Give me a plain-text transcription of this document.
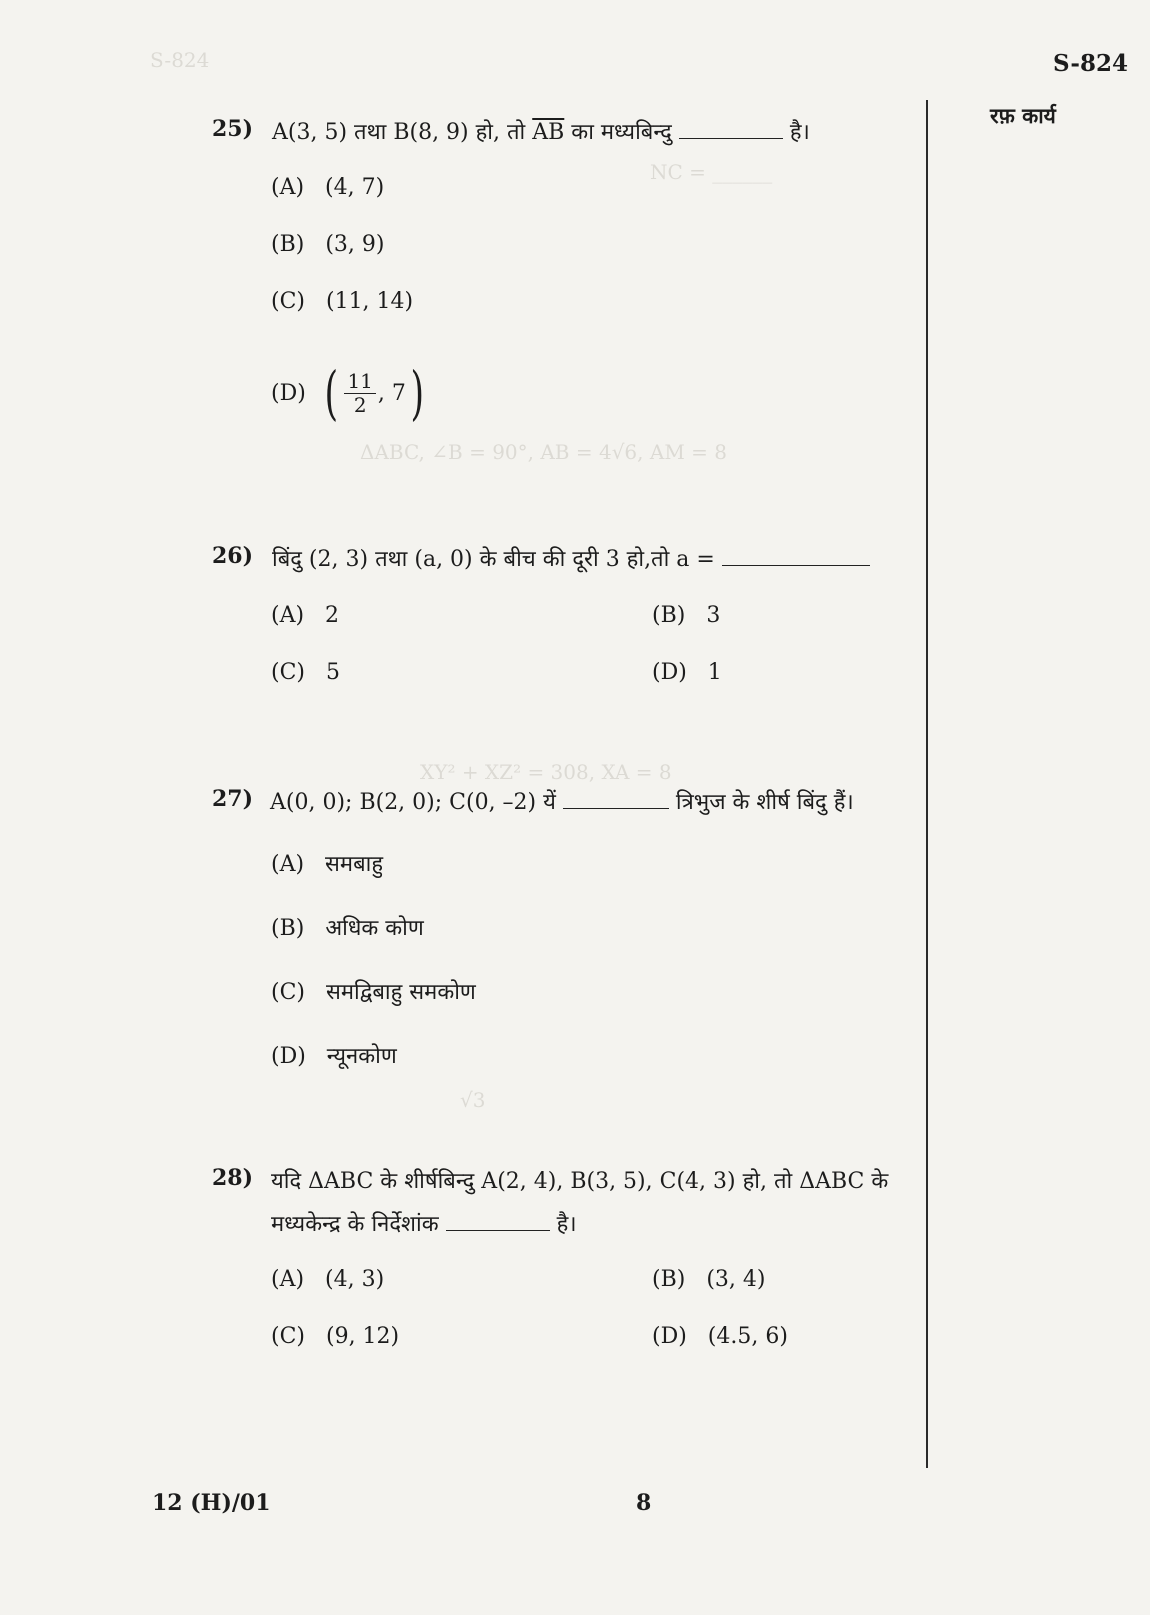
S-824
NC = ______
ΔABC, ∠B = 90°, AB = 4√6, AM = 8
XY² + XZ² = 308, XA = 8
√3
S-824
रफ़ कार्य
25) A(3, 5) तथा B(8, 9) हो, तो $\overline{AB}$ का मध्यबिन्दु	है।
(A) (4, 7)
(B) (3, 9)
(C) (11, 14)
(D) ( $\frac{11}{2}$ , 7 )
26) बिंदु (2, 3) तथा (a, 0) के बीच की दूरी 3 हो,तो a =
(A) 2	(B) 3
(C) 5	(D) 1
27) A(0, 0); B(2, 0); C(0, –2) यें	त्रिभुज के शीर्ष बिंदु हैं।
(A) समबाहु
(B) अधिक कोण
(C) समद्विबाहु समकोण
(D) न्यूनकोण
28) यदि ΔABC के शीर्षबिन्दु A(2, 4), B(3, 5), C(4, 3) हो, तो ΔABC के
मध्यकेन्द्र के निर्देशांक	है।
(A) (4, 3)	(B) (3, 4)
(C) (9, 12)	(D) (4.5, 6)
12 (H)/01	8
